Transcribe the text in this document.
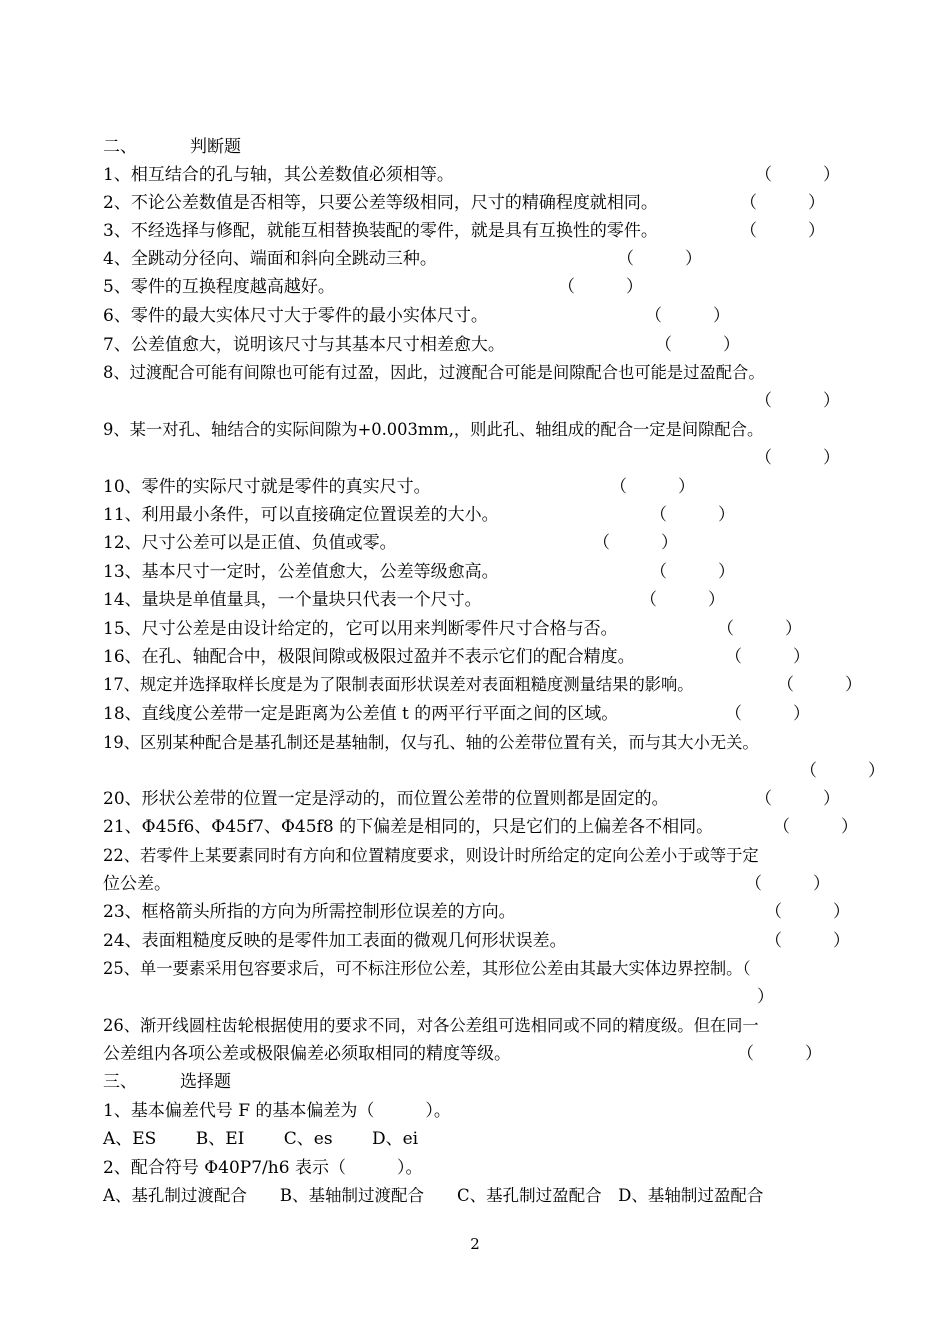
二、	判断题
1、相互结合的孔与轴，其公差数值必须相等。	（　　　）
2、不论公差数值是否相等，只要公差等级相同，尺寸的精确程度就相同。	（　　　）
3、不经选择与修配，就能互相替换装配的零件，就是具有互换性的零件。	（　　　）
4、全跳动分径向、端面和斜向全跳动三种。	（　　　）
5、零件的互换程度越高越好。	（　　　）
6、零件的最大实体尺寸大于零件的最小实体尺寸。	（　　　）
7、公差值愈大，说明该尺寸与其基本尺寸相差愈大。	（　　　）
8、过渡配合可能有间隙也可能有过盈，因此，过渡配合可能是间隙配合也可能是过盈配合。
（　　　）
9、某一对孔、轴结合的实际间隙为+0.003mm,，则此孔、轴组成的配合一定是间隙配合。
（　　　）
10、零件的实际尺寸就是零件的真实尺寸。	（　　　）
11、利用最小条件，可以直接确定位置误差的大小。	（　　　）
12、尺寸公差可以是正值、负值或零。	（　　　）
13、基本尺寸一定时，公差值愈大，公差等级愈高。	（　　　）
14、量块是单值量具，一个量块只代表一个尺寸。	（　　　）
15、尺寸公差是由设计给定的，它可以用来判断零件尺寸合格与否。	（　　　）
16、在孔、轴配合中，极限间隙或极限过盈并不表示它们的配合精度。	（　　　）
17、规定并选择取样长度是为了限制表面形状误差对表面粗糙度测量结果的影响。	（　　　）
18、直线度公差带一定是距离为公差值 t 的两平行平面之间的区域。	（　　　）
19、区别某种配合是基孔制还是基轴制，仅与孔、轴的公差带位置有关，而与其大小无关。
（　　　）
20、形状公差带的位置一定是浮动的，而位置公差带的位置则都是固定的。	（　　　）
21、Φ45f6、Φ45f7、Φ45f8 的下偏差是相同的，只是它们的上偏差各不相同。	（　　　）
22、若零件上某要素同时有方向和位置精度要求，则设计时所给定的定向公差小于或等于定
位公差。	（　　　）
23、框格箭头所指的方向为所需控制形位误差的方向。	（　　　）
24、表面粗糙度反映的是零件加工表面的微观几何形状误差。	（　　　）
25、单一要素采用包容要求后，可不标注形位公差，其形位公差由其最大实体边界控制。（
）
26、渐开线圆柱齿轮根据使用的要求不同，对各公差组可选相同或不同的精度级。但在同一
公差组内各项公差或极限偏差必须取相同的精度等级。	（　　　）
三、	选择题
1、基本偏差代号 F 的基本偏差为（　　　）。
A、ES　　 B、EI　　 C、es　　 D、ei
2、配合符号 Φ40P7/h6 表示（　　　）。
A、基孔制过渡配合　　B、基轴制过渡配合　　C、基孔制过盈配合　D、基轴制过盈配合
2
